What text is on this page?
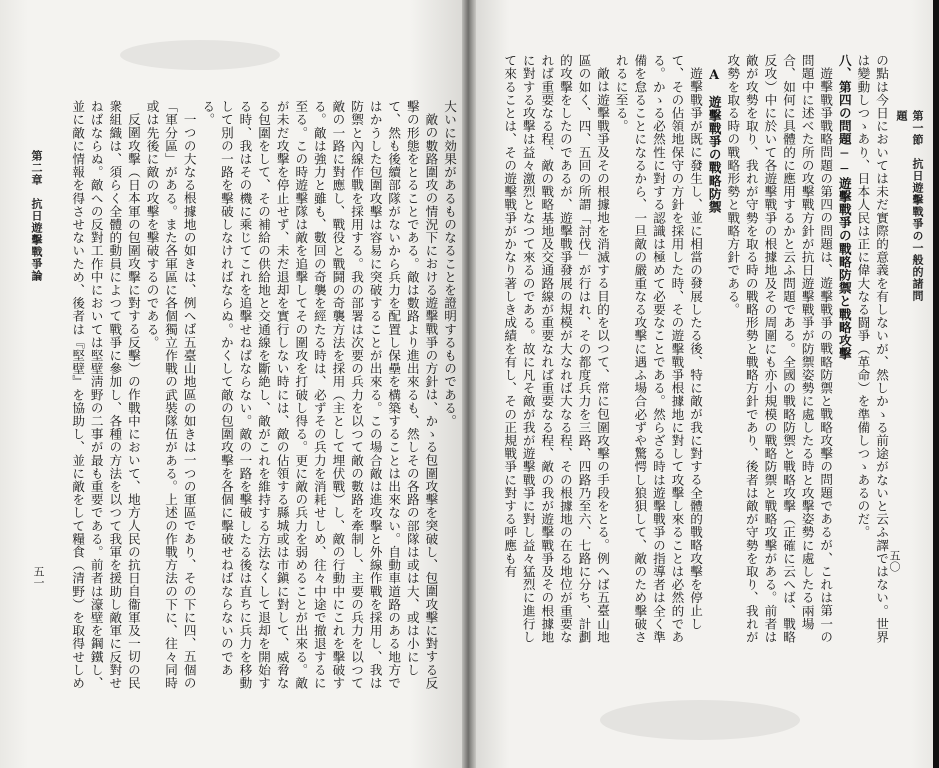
第二章　抗日遊擊戰爭論
五一

大いに効果があるものなることを證明するものである。

敵の數路圍攻の情況下における遊擊戰爭の方針は、かゝる包圍攻擊を突破し、包圍攻擊に對する反擊の形態をとることである。敵は數路より進出來るも、然しその各路の部隊は或は大、或は小にして、然も後續部隊がないから兵力を配置し保壘を構築することは出來ない。自動車道路のある地方ではかうした包圍攻擊は容易に突破することが出來る。この場合敵は進攻擊と外線作戰を採用し、我は防禦と內線作戰を採用する。我の部署は次要の兵力を以つて敵の數路を牽制し、主要の兵力を以つて敵の一路に對應し、戰役と戰鬪の奇襲方法を採用（主として埋伏戰）し、敵の行動中にこれを擊破する。敵は強力と雖も、數回の奇襲を經たる時は、必ずその兵力を消耗せしめ、往々中途で撤退するに至る。この時遊擊隊は敵を追擊してその圍攻を打破し得る。更に敵の兵力を弱めることが出來る。敵が未だ攻擊を停止せず、未だ退却を實行しない時には、敵の佔領する縣城或は市鎭に對して、威脅なる包圍をして、その補給の供給地と交通線を斷絶し、敵がこれを維持する方法なくして退却を開始する時、我はその機に乘じてこれを追擊せねばならない。敵の一路を擊破したる後は直ちに兵力を移動して別の一路を擊破しなければならぬ。かくして敵の包圍攻擊を各個に擊破せねばならないのである。

一つの大なる根據地の如きは、例へば五臺山地區の如きは一つの軍區であり、その下に四、五個の「軍分區」がある。また各軍區に各個獨立作戰の武裝隊伍がある。上述の作戰方法の下に、往々同時或は先後に敵の攻擊を擊破するのである。

反圍攻擊（日本軍の包圍攻擊に對する反擊）の作戰中において、地方人民の抗日自衞軍及一切の民衆組織は、須らく全體的動員によつて戰爭に參加し、各種の方法を以つて我軍を援助し敵軍に反對せねばならぬ。敵への反對工作中においては堅壁淸野の二事が最も重要である。前者は濠壁を鋼鐵し、並に敵に情報を得させないため、後者は『堅壁』を協助し、並に敵をして糧食（清野）を取得せしめ

第一節　抗日遊擊戰爭の一般的諸問題
五〇

の點は今日においては未だ實際的意義を有しないが、然しかゝる前途がないと云ふ譯ではない。世界は變動しつゝあり、日本人民は正に偉大なる闘爭（革命）を準備しつゝあるのだ。

八、第四の問題──遊擊戰爭の戰略防禦と戰略攻擊

遊擊戰爭戰略問題の第四の問題は、遊擊戰爭の戰略防禦と戰略攻擊の問題であるが、これは第一の問題中に述べた所の攻擊戰方針が抗日遊擊戰爭が防禦姿勢に處したる時と攻擊姿勢に處したる兩場合、如何に具體的に應用するかと云ふ問題である。全國の戰略防禦と戰略攻擊（正確に云へば、戰略反攻）中に於いて各遊擊戰爭の根據地及その周圍にも亦小規模の戰略防禦と戰略攻擊がある。前者は敵が攻勢を取り、我れが守勢を取る時の戰略形勢と戰略方針であり、後者は敵が守勢を取り、我れが攻勢を取る時の戰略形勢と戰略方針である。

A　遊擊戰爭の戰略防禦

遊擊戰爭が既に發生し、並に相當の發展したる後、特に敵が我に對する全體的戰略攻擊を停止して、その佔領地保守の方針を採用した時、その遊擊戰爭根據地に對して攻擊し來ることは必然的である。かゝる必然性に對する認識は極めて必要なことである。然らざる時は遊擊戰爭の指導者は全く準備を怠ることになるから、一旦敵の嚴重なる攻擊に遇ふ場合必ずや驚愕し狼狽して、敵のため擊破されるに至る。

敵は遊擊戰爭及その根據地を消滅する目的を以つて、常に包圍攻擊の手段をとる。例へば五臺山地區の如く、四、五回の所謂「討伐」が行はれ、その都度兵力を三路、四路乃至六、七路に分ち、計劃的攻擊をしたのであるが、遊擊戰爭發展の規模が大なれば大なる程、その根據地の在る地位が重要なれば重要なる程、敵の戰略基地及交通路線が重要なれば重要なる程、敵の我が遊擊戰爭及その根據地に對する攻擊は益々激烈となつて來るのである。故に凡そ敵が我が遊擊戰爭に對し益々猛烈に進行して來ることは、その遊擊戰爭がかなり著しき成績を有し、その正規戰爭に對する呼應も有
